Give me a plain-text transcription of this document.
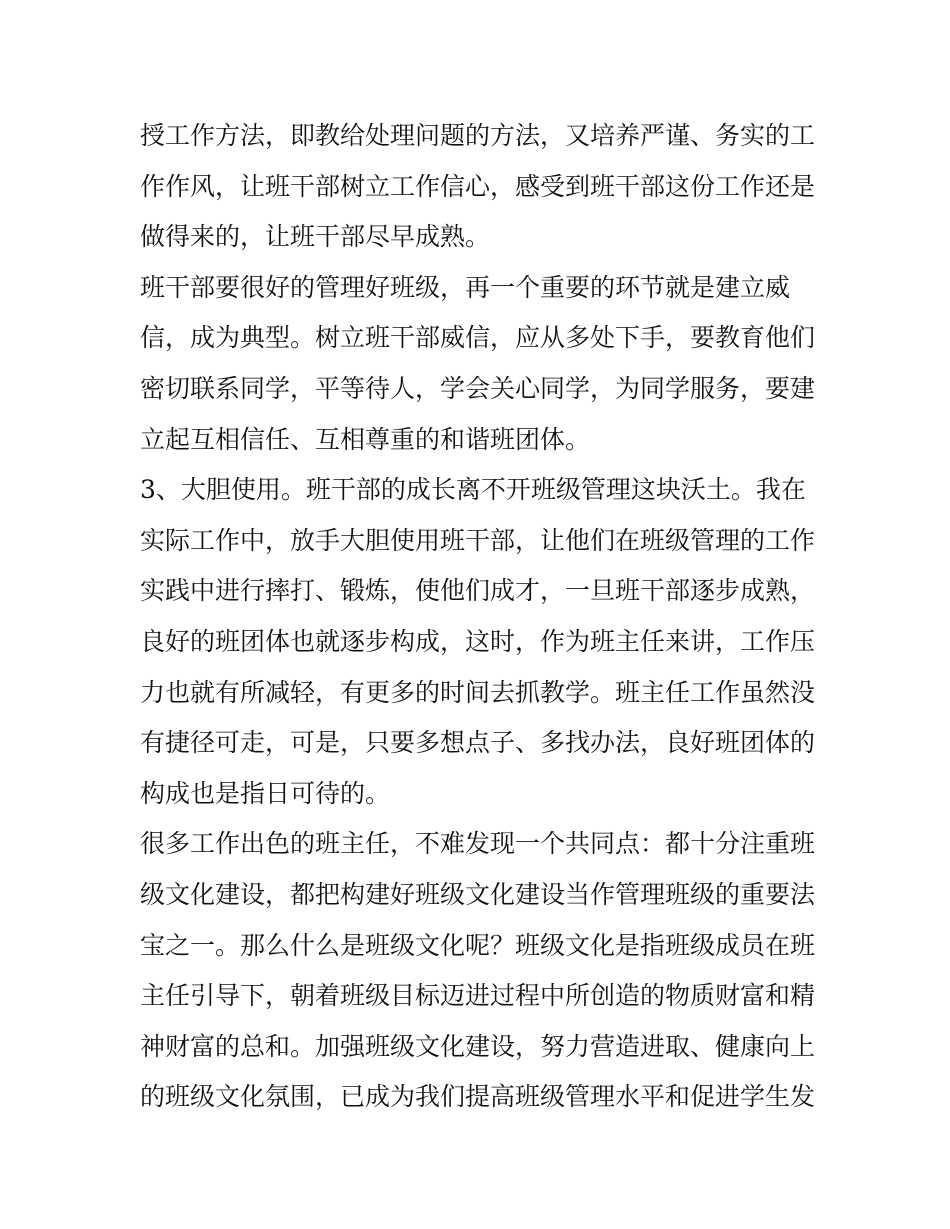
授工作方法，即教给处理问题的方法，又培养严谨、务实的工
作作风，让班干部树立工作信心，感受到班干部这份工作还是
做得来的，让班干部尽早成熟。
班干部要很好的管理好班级，再一个重要的环节就是建立威
信，成为典型。树立班干部威信，应从多处下手，要教育他们
密切联系同学，平等待人，学会关心同学，为同学服务，要建
立起互相信任、互相尊重的和谐班团体。
3、大胆使用。班干部的成长离不开班级管理这块沃土。我在
实际工作中，放手大胆使用班干部，让他们在班级管理的工作
实践中进行摔打、锻炼，使他们成才，一旦班干部逐步成熟，
良好的班团体也就逐步构成，这时，作为班主任来讲，工作压
力也就有所减轻，有更多的时间去抓教学。班主任工作虽然没
有捷径可走，可是，只要多想点子、多找办法，良好班团体的
构成也是指日可待的。
很多工作出色的班主任，不难发现一个共同点：都十分注重班
级文化建设，都把构建好班级文化建设当作管理班级的重要法
宝之一。那么什么是班级文化呢？班级文化是指班级成员在班
主任引导下，朝着班级目标迈进过程中所创造的物质财富和精
神财富的总和。加强班级文化建设，努力营造进取、健康向上
的班级文化氛围，已成为我们提高班级管理水平和促进学生发
